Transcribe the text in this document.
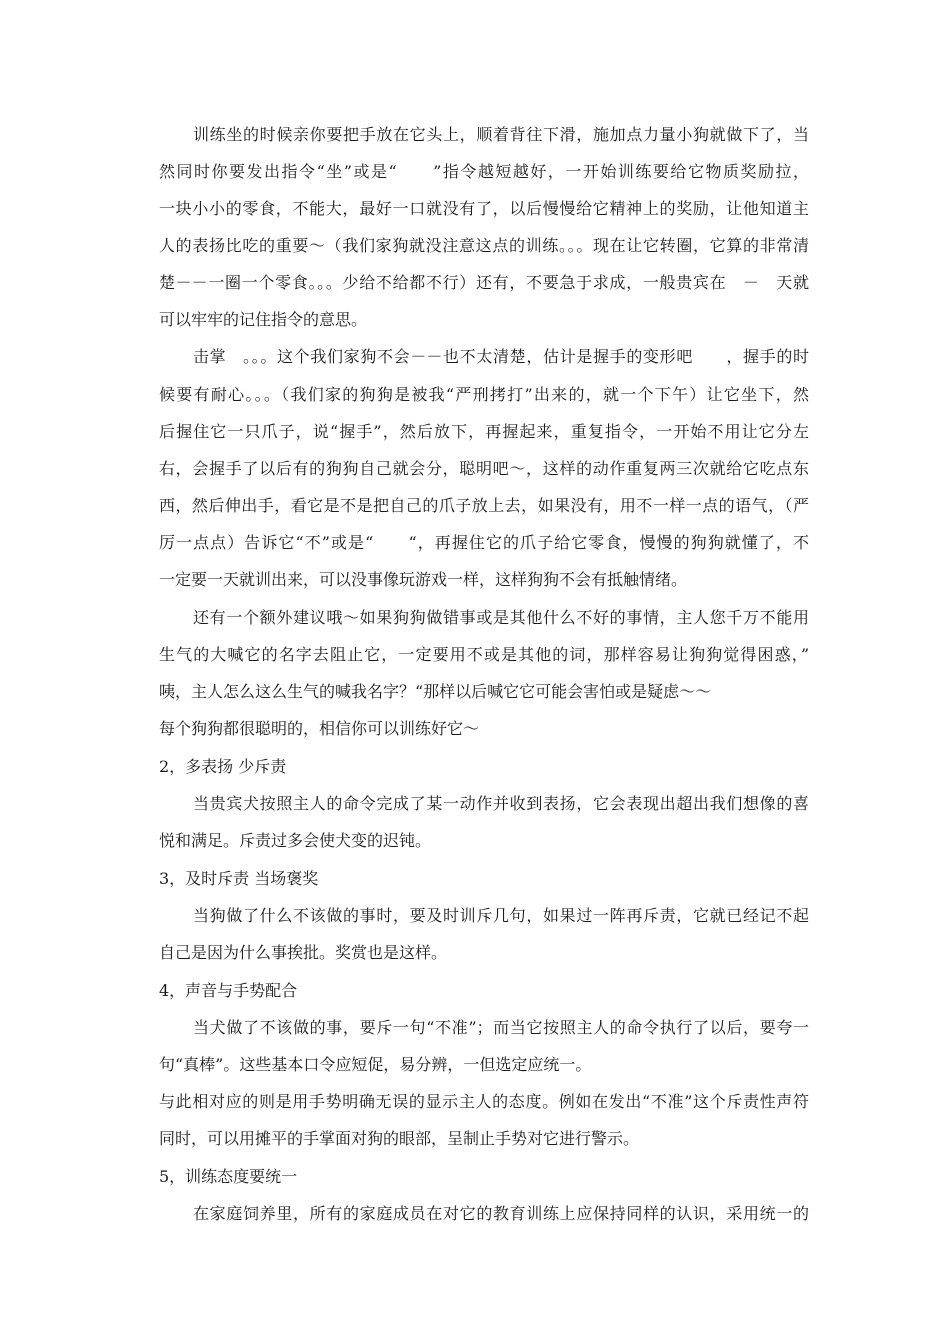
训练坐的时候亲你要把手放在它头上，顺着背往下滑，施加点力量小狗就做下了，当
然同时你要发出指令“坐”或是“　　”指令越短越好，一开始训练要给它物质奖励拉，
一块小小的零食，不能大，最好一口就没有了，以后慢慢给它精神上的奖励，让他知道主
人的表扬比吃的重要～（我们家狗就没注意这点的训练。。。现在让它转圈，它算的非常清
楚－－一圈一个零食。。。少给不给都不行）还有，不要急于求成，一般贵宾在　－　天就
可以牢牢的记住指令的意思。
击掌　。。。这个我们家狗不会－－也不太清楚，估计是握手的变形吧　　，握手的时
候要有耐心。。。（我们家的狗狗是被我“严刑拷打”出来的，就一个下午）让它坐下，然
后握住它一只爪子，说“握手”，然后放下，再握起来，重复指令，一开始不用让它分左
右，会握手了以后有的狗狗自己就会分，聪明吧～，这样的动作重复两三次就给它吃点东
西，然后伸出手，看它是不是把自己的爪子放上去，如果没有，用不一样一点的语气，（严
厉一点点）告诉它“不”或是“　　“，再握住它的爪子给它零食，慢慢的狗狗就懂了，不
一定要一天就训出来，可以没事像玩游戏一样，这样狗狗不会有抵触情绪。
还有一个额外建议哦～如果狗狗做错事或是其他什么不好的事情，主人您千万不能用
生气的大喊它的名字去阻止它，一定要用不或是其他的词，那样容易让狗狗觉得困惑，”
咦，主人怎么这么生气的喊我名字？“那样以后喊它它可能会害怕或是疑虑～～
每个狗狗都很聪明的，相信你可以训练好它～
2，多表扬 少斥责
当贵宾犬按照主人的命令完成了某一动作并收到表扬，它会表现出超出我们想像的喜
悦和满足。斥责过多会使犬变的迟钝。
3，及时斥责 当场褒奖
当狗做了什么不该做的事时，要及时训斥几句，如果过一阵再斥责，它就已经记不起
自己是因为什么事挨批。奖赏也是这样。
4，声音与手势配合
当犬做了不该做的事，要斥一句“不准”；而当它按照主人的命令执行了以后，要夸一
句“真棒”。这些基本口令应短促，易分辨，一但选定应统一。
与此相对应的则是用手势明确无误的显示主人的态度。例如在发出“不准”这个斥责性声符
同时，可以用摊平的手掌面对狗的眼部，呈制止手势对它进行警示。
5，训练态度要统一
在家庭饲养里，所有的家庭成员在对它的教育训练上应保持同样的认识，采用统一的
